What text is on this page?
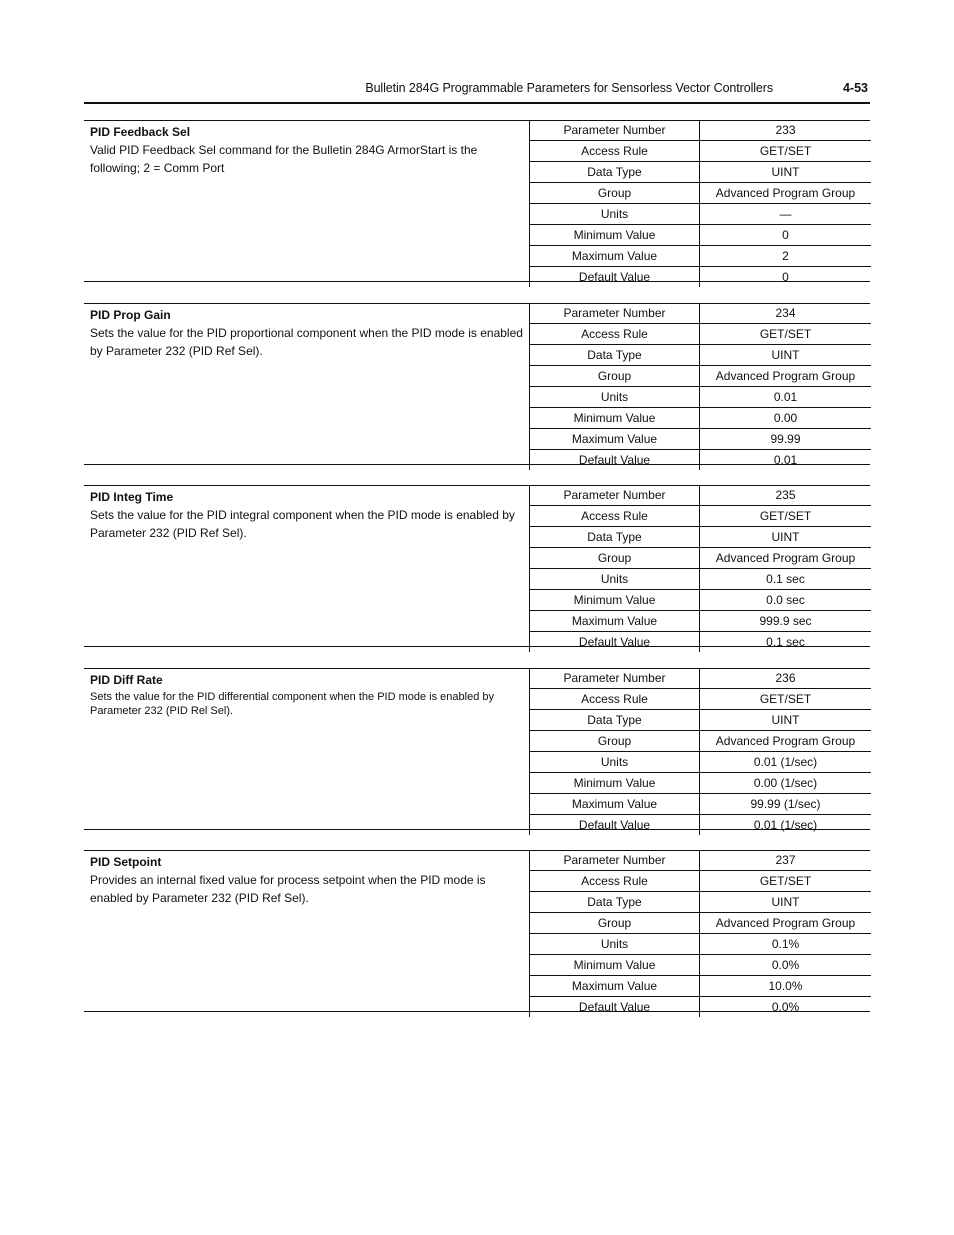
Bulletin 284G Programmable Parameters for Sensorless Vector Controllers	4-53
PID Feedback Sel
Valid PID Feedback Sel command for the Bulletin 284G ArmorStart is the following; 2 = Comm Port
Parameter Number	233
Access Rule	GET/SET
Data Type	UINT
Group	Advanced Program Group
Units	—
Minimum Value	0
Maximum Value	2
Default Value	0
PID Prop Gain
Sets the value for the PID proportional component when the PID mode is enabled by Parameter 232 (PID Ref Sel).
Parameter Number	234
Access Rule	GET/SET
Data Type	UINT
Group	Advanced Program Group
Units	0.01
Minimum Value	0.00
Maximum Value	99.99
Default Value	0.01
PID Integ Time
Sets the value for the PID integral component when the PID mode is enabled by Parameter 232 (PID Ref Sel).
Parameter Number	235
Access Rule	GET/SET
Data Type	UINT
Group	Advanced Program Group
Units	0.1 sec
Minimum Value	0.0 sec
Maximum Value	999.9 sec
Default Value	0.1 sec
PID Diff Rate
Sets the value for the PID differential component when the PID mode is enabled by Parameter 232 (PID Rel Sel).
Parameter Number	236
Access Rule	GET/SET
Data Type	UINT
Group	Advanced Program Group
Units	0.01 (1/sec)
Minimum Value	0.00 (1/sec)
Maximum Value	99.99 (1/sec)
Default Value	0.01 (1/sec)
PID Setpoint
Provides an internal fixed value for process setpoint when the PID mode is enabled by Parameter 232 (PID Ref Sel).
Parameter Number	237
Access Rule	GET/SET
Data Type	UINT
Group	Advanced Program Group
Units	0.1%
Minimum Value	0.0%
Maximum Value	10.0%
Default Value	0.0%
